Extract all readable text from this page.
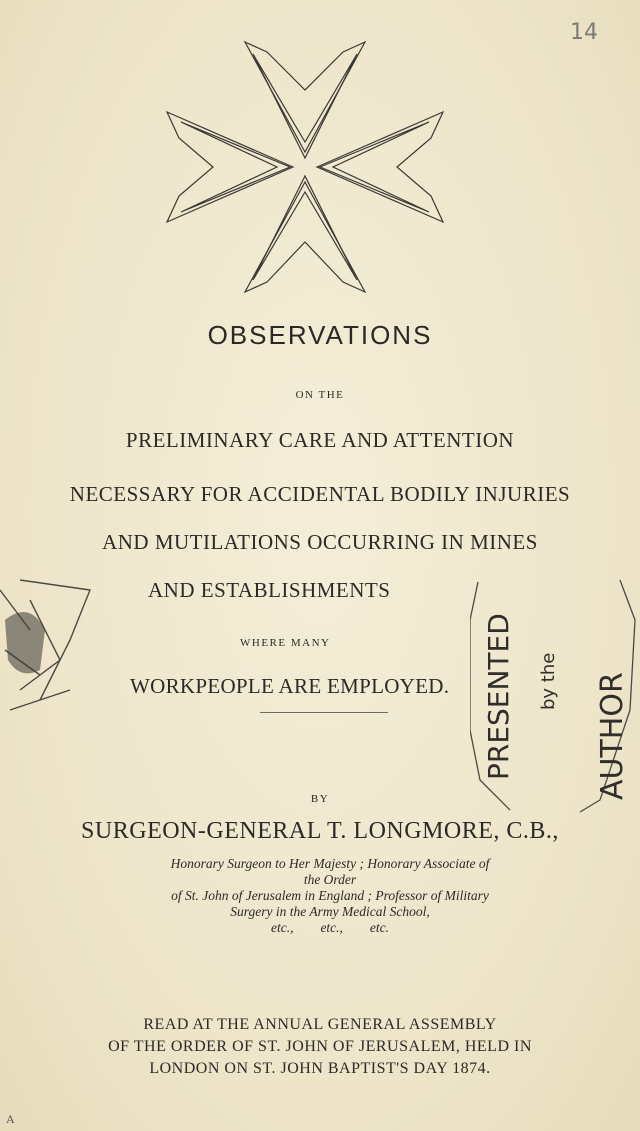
14
OBSERVATIONS
ON THE
PRELIMINARY CARE AND ATTENTION
NECESSARY FOR ACCIDENTAL BODILY INJURIES
AND MUTILATIONS OCCURRING IN MINES
AND ESTABLISHMENTS
WHERE MANY
WORKPEOPLE ARE EMPLOYED. PRESENTED by the AUTHOR
BY
SURGEON-GENERAL T. LONGMORE, C.B.,
Honorary Surgeon to Her Majesty ; Honorary Associate of the Order
of St. John of Jerusalem in England ; Professor of Military
Surgery in the Army Medical School,
etc.,        etc.,        etc.
READ AT THE ANNUAL GENERAL ASSEMBLY
OF THE ORDER OF ST. JOHN OF JERUSALEM, HELD IN
LONDON ON ST. JOHN BAPTIST'S DAY 1874.
A
